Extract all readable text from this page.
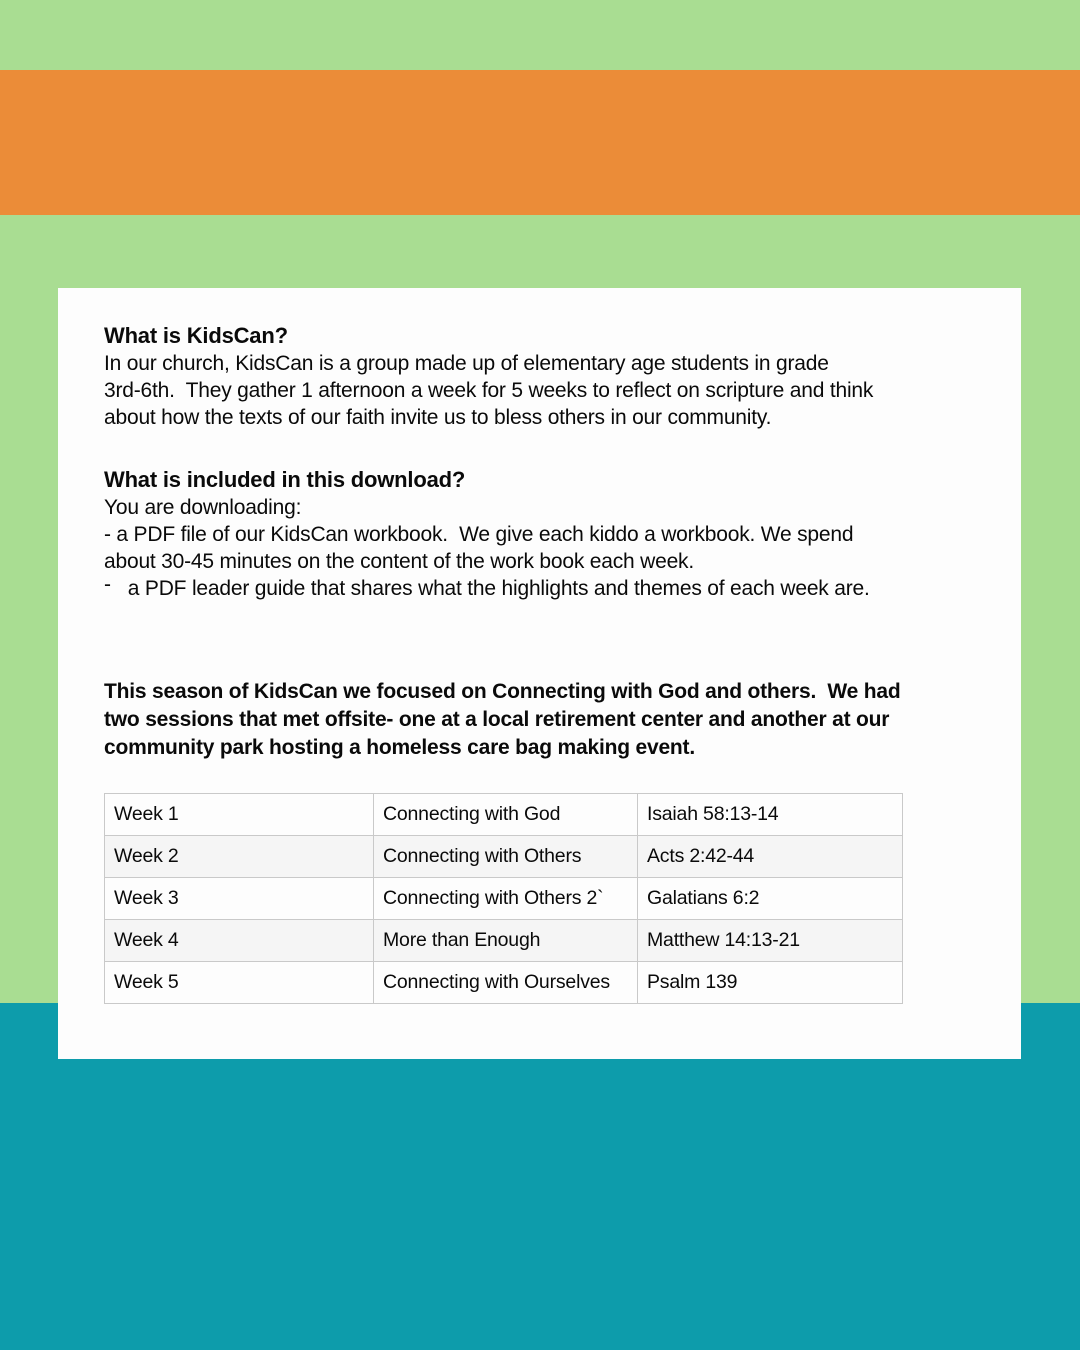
What is KidsCan?
In our church, KidsCan is a group made up of elementary age students in grade
3rd-6th.  They gather 1 afternoon a week for 5 weeks to reflect on scripture and think
about how the texts of our faith invite us to bless others in our community.
What is included in this download?
You are downloading:
- a PDF file of our KidsCan workbook.  We give each kiddo a workbook. We spend
about 30-45 minutes on the content of the work book each week.
- a PDF leader guide that shares what the highlights and themes of each week are.
This season of KidsCan we focused on Connecting with God and others.  We had
two sessions that met offsite- one at a local retirement center and another at our
community park hosting a homeless care bag making event.
Week 1	Connecting with God	Isaiah 58:13-14
Week 2	Connecting with Others	Acts 2:42-44
Week 3	Connecting with Others 2`	Galatians 6:2
Week 4	More than Enough	Matthew 14:13-21
Week 5	Connecting with Ourselves	Psalm 139
